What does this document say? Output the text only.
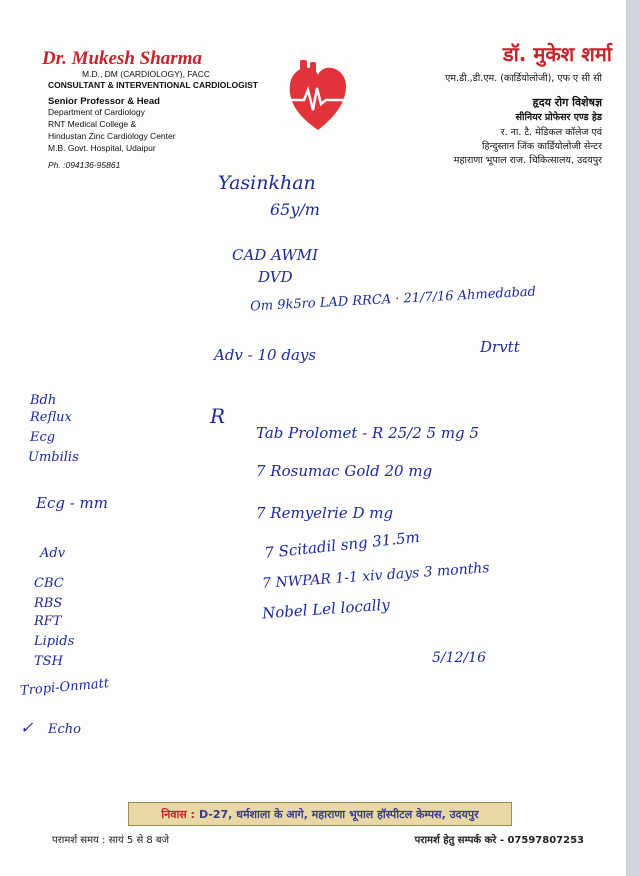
Dr. Mukesh Sharma
M.D., DM (CARDIOLOGY), FACC
CONSULTANT & INTERVENTIONAL CARDIOLOGIST
Senior Professor & Head
Department of Cardiology
RNT Medical College &
Hindustan Zinc Cardiology Center
M.B. Govt. Hospital, Udaipur
Ph. :094136-95861
डॉ. मुकेश शर्मा
एम.डी.,डी.एम. (कार्डियोलोजी), एफ ए सी सी
हृदय रोग विशेषज्ञ
सीनियर प्रोफेसर एण्ड हेड
र. ना. टै. मेडिकल कॉलेज एवं
हिन्दुस्तान जिंक कार्डियोलोजी सेन्टर
महाराणा भूपाल राज. चिकित्सालय, उदयपुर
Yasinkhan
65y/m
CAD AWMI
DVD
Om 9k5ro LAD RRCA · 21/7/16 Ahmedabad
Adv - 10 days	Drvtt
R
Tab Prolomet - R 25/2 5 mg 5
7 Rosumac Gold 20 mg
7 Remyelrie D mg
7 Scitadil sng 31.5m
7 NWPAR 1-1 xiv days 3 months
Nobel Lel locally
5/12/16
Bdh
Reflux
Ecg
Umbilis
Ecg - mm
Adv
CBC
RBS
RFT
Lipids
TSH
Tropi-Onmatt
✓ Echo
निवास : D-27, धर्मशाला के आगे, महाराणा भूपाल हॉस्पीटल केम्पस, उदयपुर
परामर्श समय : सायं 5 से 8 बजे	परामर्श हेतु सम्पर्क करे - 07597807253
